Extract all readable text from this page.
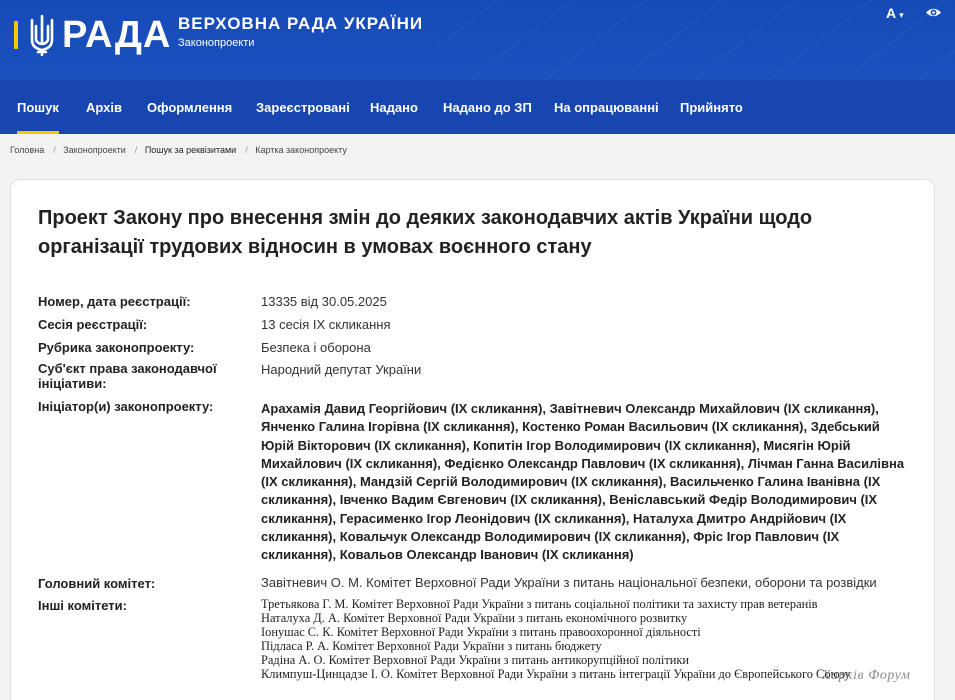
РАДА ВЕРХОВНА РАДА УКРАЇНИ
Законопроекти
A ▾
Пошук Архів Оформлення Зареєстровані Надано Надано до ЗП На опрацюванні Прийнято
Головна / Законопроекти / Пошук за реквізитами / Картка законопроекту
Проект Закону про внесення змін до деяких законодавчих актів України щодо організації трудових відносин в умовах воєнного стану
Номер, дата реєстрації:	13335 від 30.05.2025
Сесія реєстрації:	13 сесія IX скликання
Рубрика законопроекту:	Безпека і оборона
Суб'єкт права законодавчої ініціативи:
Народний депутат України
Ініціатор(и) законопроекту:	Арахамія Давид Георгійович (IX скликання), Завітневич Олександр Михайлович (IX скликання), Янченко Галина Ігорівна (IX скликання), Костенко Роман Васильович (IX скликання), Здебський Юрій Вікторович (IX скликання), Копитін Ігор Володимирович (IX скликання), Мисягін Юрій Михайлович (IX скликання), Федієнко Олександр Павлович (IX скликання), Лічман Ганна Василівна (IX скликання), Мандзій Сергій Володимирович (IX скликання), Васильченко Галина Іванівна (IX скликання), Івченко Вадим Євгенович (IX скликання), Веніславський Федір Володимирович (IX скликання), Герасименко Ігор Леонідович (IX скликання), Наталуха Дмитро Андрійович (IX скликання), Ковальчук Олександр Володимирович (IX скликання), Фріс Ігор Павлович (IX скликання), Ковальов Олександр Іванович (IX скликання)
Головний комітет:	Завітневич О. М. Комітет Верховної Ради України з питань національної безпеки, оборони та розвідки
Інші комітети:	Третьякова Г. М. Комітет Верховної Ради України з питань соціальної політики та захисту прав ветеранів
Наталуха Д. А. Комітет Верховної Ради України з питань економічного розвитку
Іонушас С. К. Комітет Верховної Ради України з питань правоохоронної діяльності
Підласа Р. А. Комітет Верховної Ради України з питань бюджету
Радіна А. О. Комітет Верховної Ради України з питань антикорупційної політики
Климпуш-Цинцадзе І. О. Комітет Верховної Ради України з питань інтеграції України до Європейського Союзу
Харків Форум
